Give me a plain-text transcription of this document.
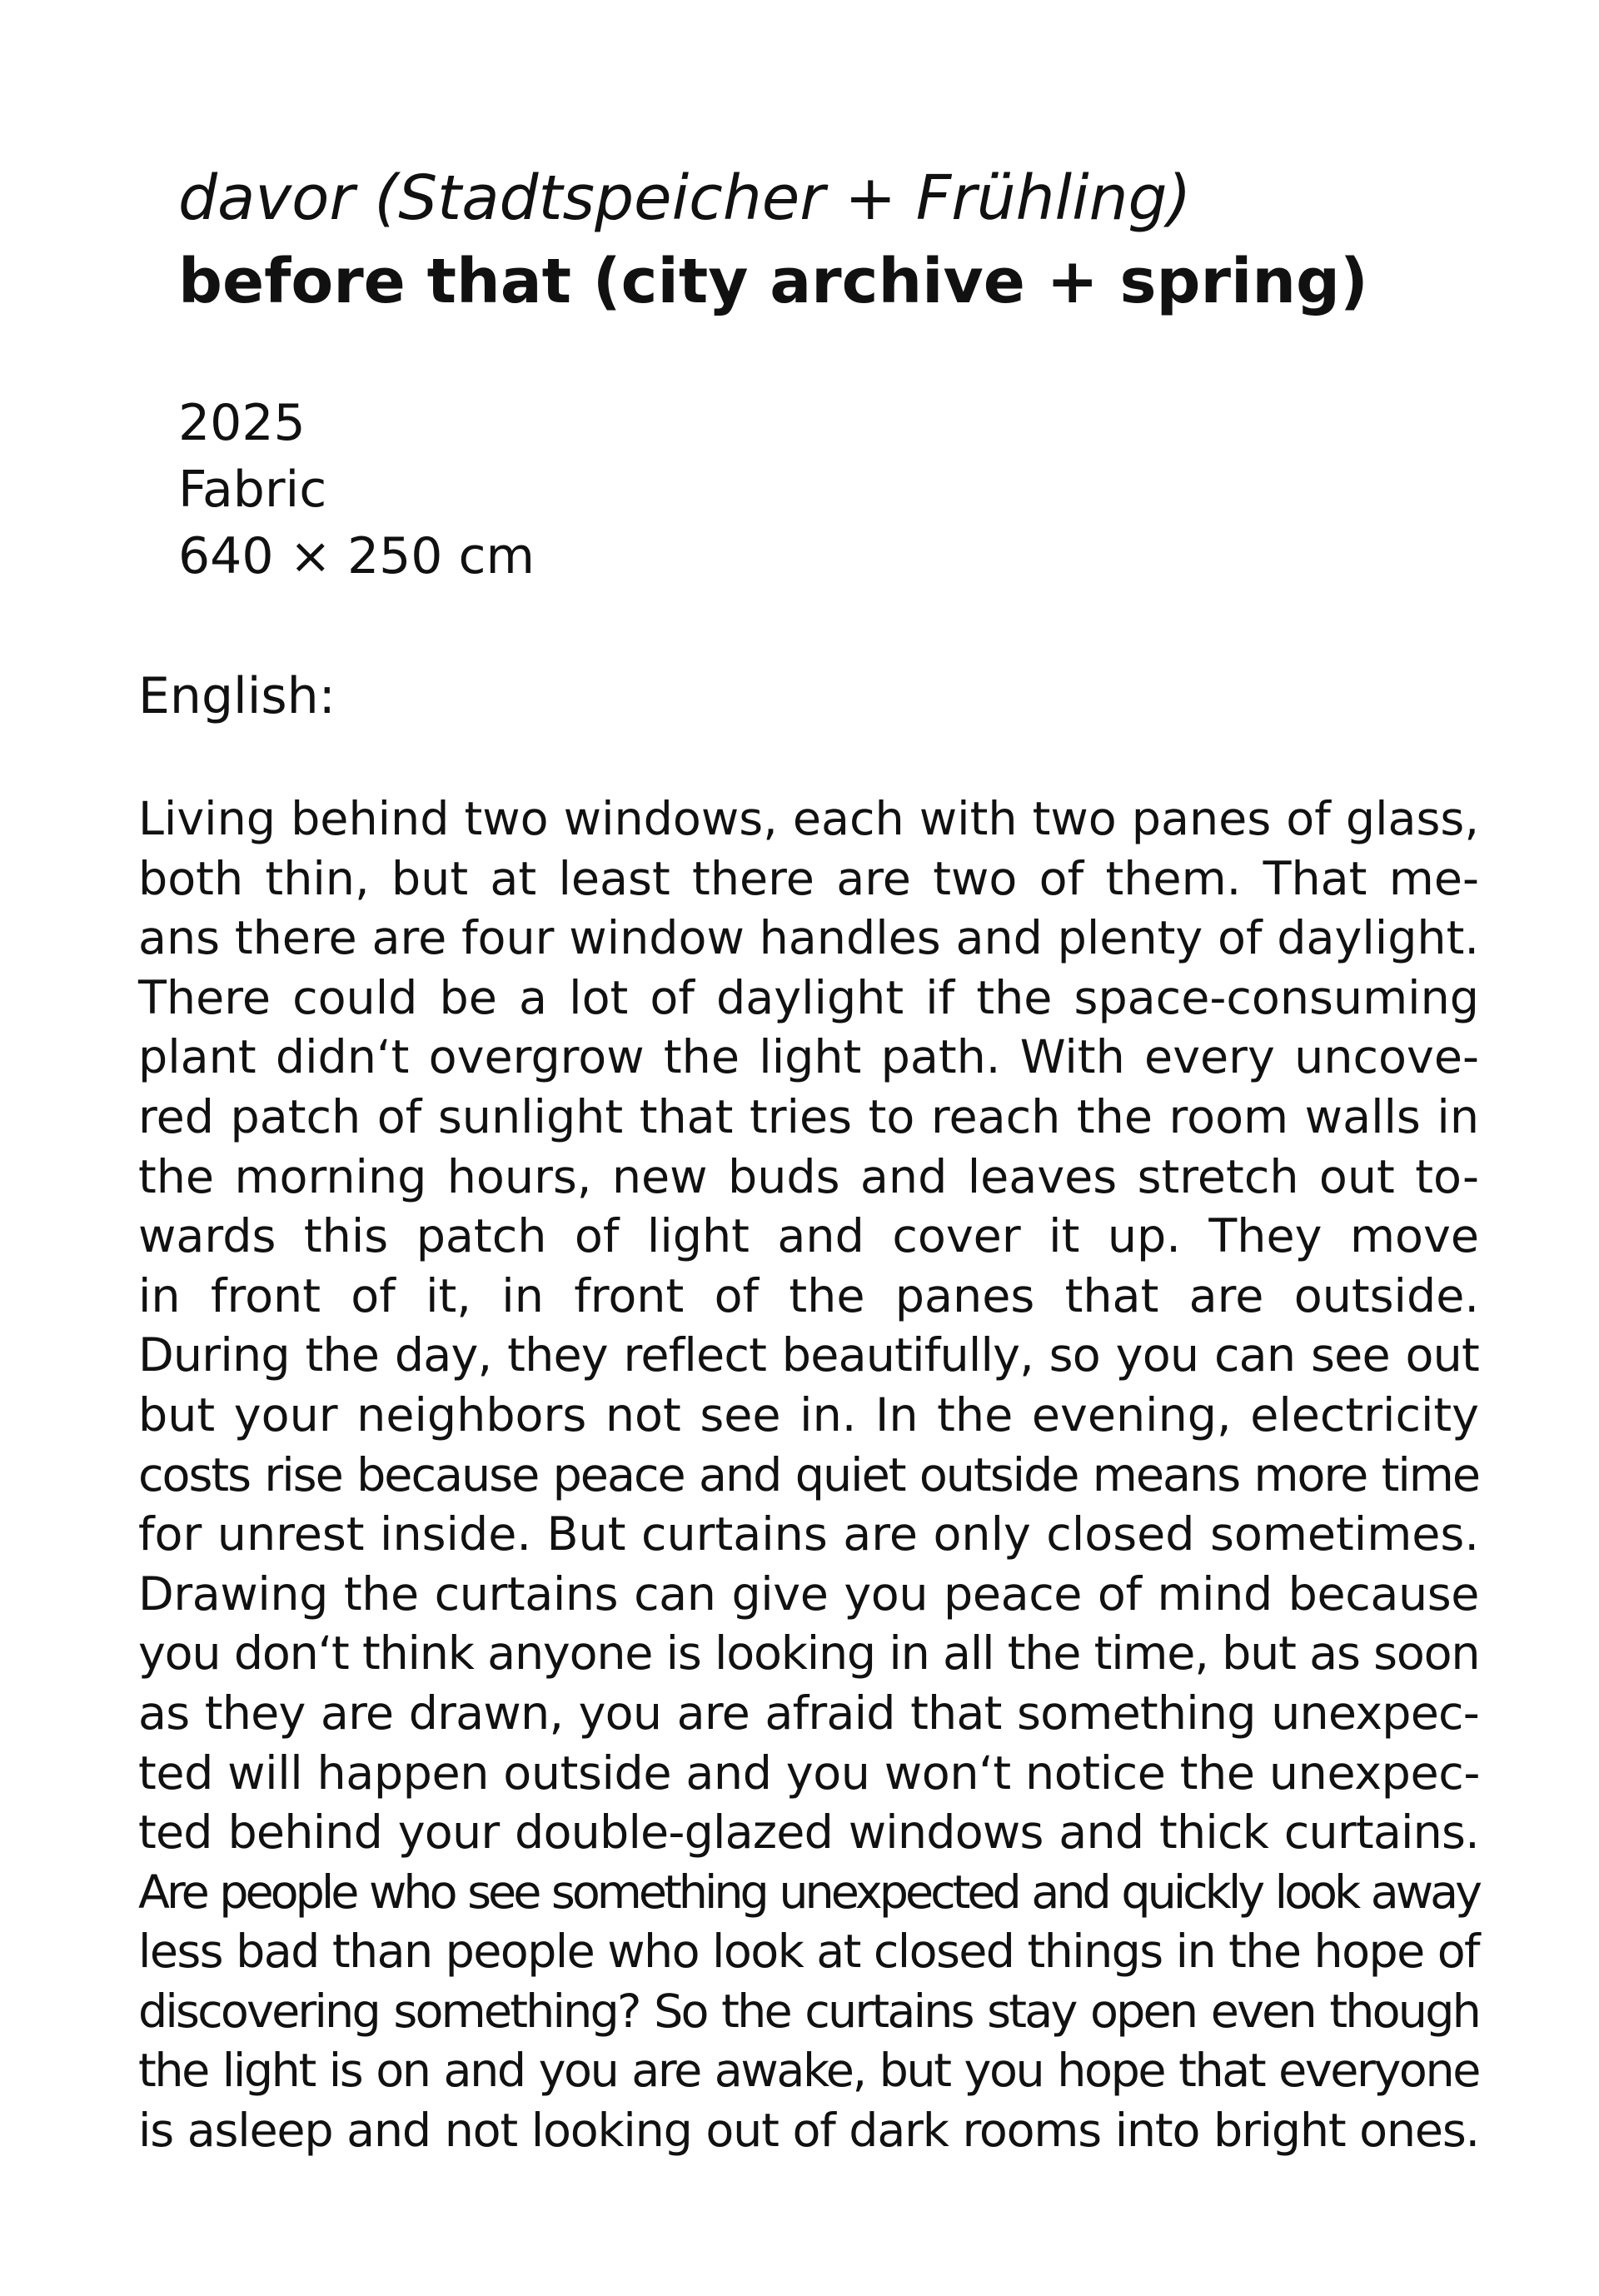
davor (Stadtspeicher + Frühling)
before that (city archive + spring)
2025
Fabric
640 × 250 cm
English:
Living behind two windows, each with two panes of glass,
both thin, but at least there are two of them. That me-
ans there are four window handles and plenty of daylight.
There could be a lot of daylight if the space-consuming
plant didn‘t overgrow the light path. With every uncove-
red patch of sunlight that tries to reach the room walls in
the morning hours, new buds and leaves stretch out to-
wards this patch of light and cover it up. They move
in front of it, in front of the panes that are outside.
During the day, they reflect beautifully, so you can see out
but your neighbors not see in. In the evening, electricity
costs rise because peace and quiet outside means more time
for unrest inside. But curtains are only closed sometimes.
Drawing the curtains can give you peace of mind because
you don‘t think anyone is looking in all the time, but as soon
as they are drawn, you are afraid that something unexpec-
ted will happen outside and you won‘t notice the unexpec-
ted behind your double-glazed windows and thick curtains.
Are people who see something unexpected and quickly look away
less bad than people who look at closed things in the hope of
discovering something? So the curtains stay open even though
the light is on and you are awake, but you hope that everyone
is asleep and not looking out of dark rooms into bright ones.
